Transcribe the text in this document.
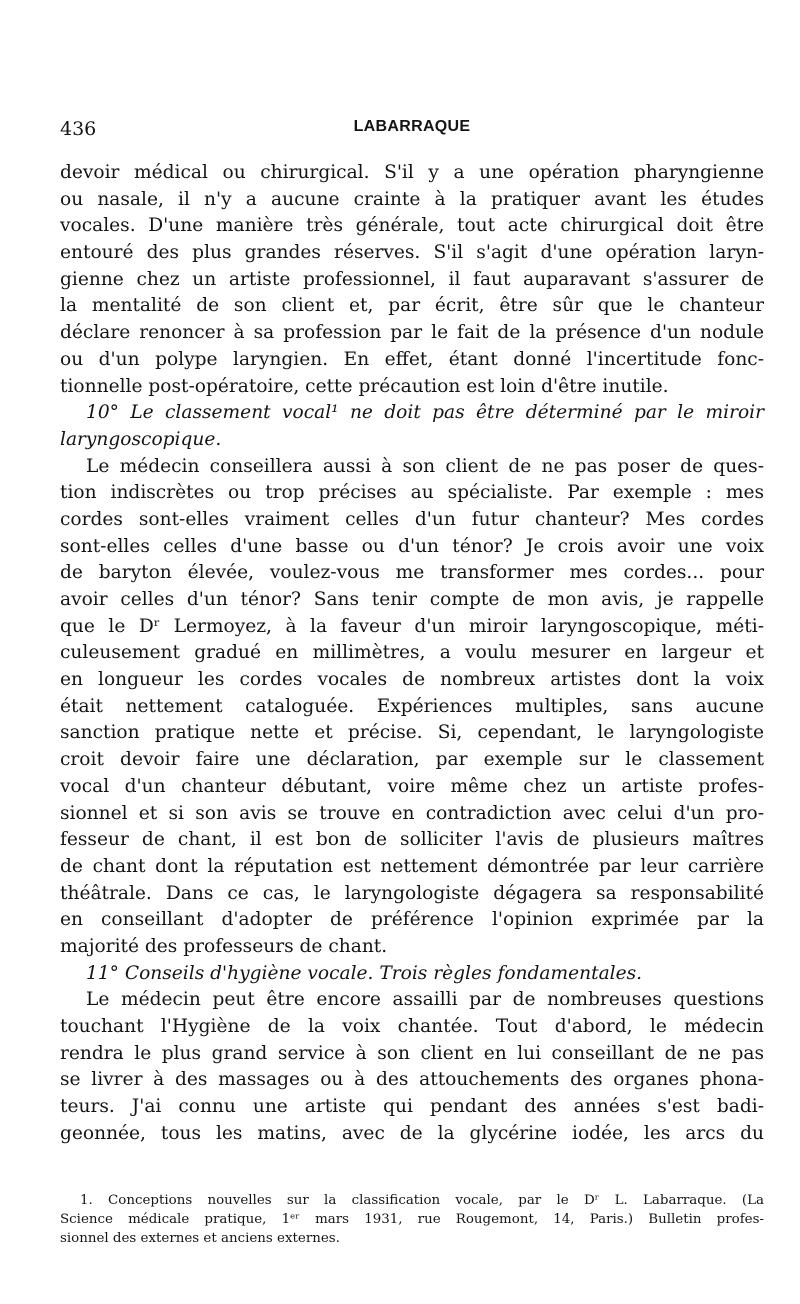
436	LABARRAQUE
devoir médical ou chirurgical. S'il y a une opération pharyngienne
ou nasale, il n'y a aucune crainte à la pratiquer avant les études
vocales. D'une manière très générale, tout acte chirurgical doit être
entouré des plus grandes réserves. S'il s'agit d'une opération laryn-
gienne chez un artiste professionnel, il faut auparavant s'assurer de
la mentalité de son client et, par écrit, être sûr que le chanteur
déclare renoncer à sa profession par le fait de la présence d'un nodule
ou d'un polype laryngien. En effet, étant donné l'incertitude fonc-
tionnelle post-opératoire, cette précaution est loin d'être inutile.
10° Le classement vocal¹ ne doit pas être déterminé par le miroir
laryngoscopique.
Le médecin conseillera aussi à son client de ne pas poser de ques-
tion indiscrètes ou trop précises au spécialiste. Par exemple : mes
cordes sont-elles vraiment celles d'un futur chanteur? Mes cordes
sont-elles celles d'une basse ou d'un ténor? Je crois avoir une voix
de baryton élevée, voulez-vous me transformer mes cordes... pour
avoir celles d'un ténor? Sans tenir compte de mon avis, je rappelle
que le Dʳ Lermoyez, à la faveur d'un miroir laryngoscopique, méti-
culeusement gradué en millimètres, a voulu mesurer en largeur et
en longueur les cordes vocales de nombreux artistes dont la voix
était nettement cataloguée. Expériences multiples, sans aucune
sanction pratique nette et précise. Si, cependant, le laryngologiste
croit devoir faire une déclaration, par exemple sur le classement
vocal d'un chanteur débutant, voire même chez un artiste profes-
sionnel et si son avis se trouve en contradiction avec celui d'un pro-
fesseur de chant, il est bon de solliciter l'avis de plusieurs maîtres
de chant dont la réputation est nettement démontrée par leur carrière
théâtrale. Dans ce cas, le laryngologiste dégagera sa responsabilité
en conseillant d'adopter de préférence l'opinion exprimée par la
majorité des professeurs de chant.
11° Conseils d'hygiène vocale. Trois règles fondamentales.
Le médecin peut être encore assailli par de nombreuses questions
touchant l'Hygiène de la voix chantée. Tout d'abord, le médecin
rendra le plus grand service à son client en lui conseillant de ne pas
se livrer à des massages ou à des attouchements des organes phona-
teurs. J'ai connu une artiste qui pendant des années s'est badi-
geonnée, tous les matins, avec de la glycérine iodée, les arcs du
1. Conceptions nouvelles sur la classification vocale, par le Dʳ L. Labarraque. (La
Science médicale pratique, 1ᵉʳ mars 1931, rue Rougemont, 14, Paris.) Bulletin profes-
sionnel des externes et anciens externes.
